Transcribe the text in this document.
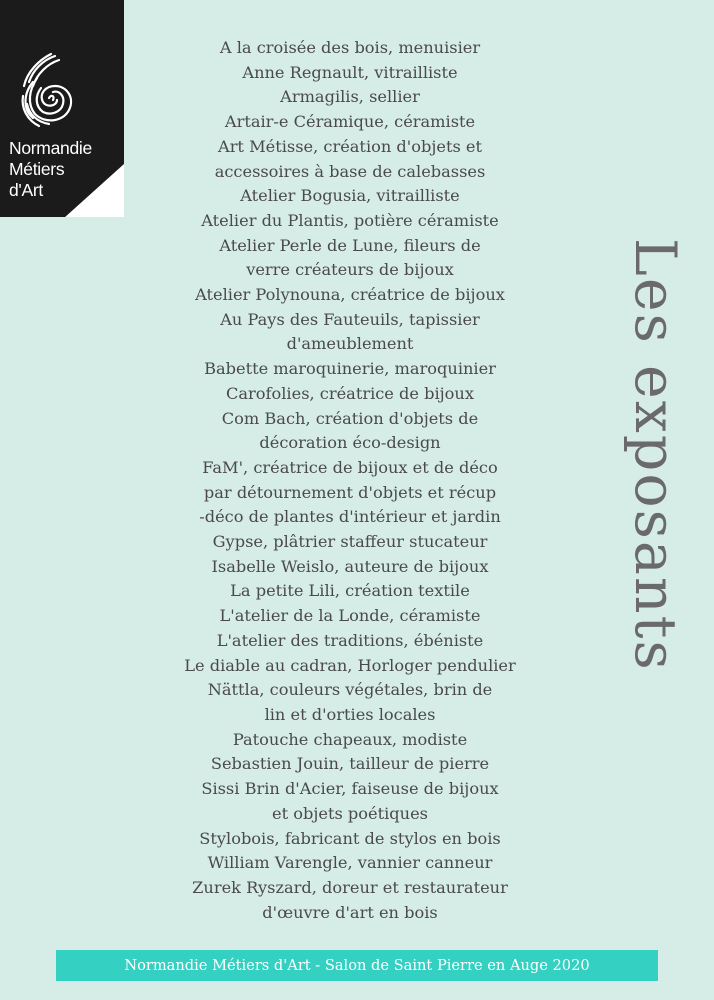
Normandie
Métiers
d'Art
A la croisée des bois, menuisier
Anne Regnault, vitrailliste
Armagilis, sellier
Artair-e Céramique, céramiste
Art Métisse, création d'objets et
accessoires à base de calebasses
Atelier Bogusia, vitrailliste
Atelier du Plantis, potière céramiste
Atelier Perle de Lune, fileurs de
verre créateurs de bijoux
Atelier Polynouna, créatrice de bijoux
Au Pays des Fauteuils, tapissier
d'ameublement
Babette maroquinerie, maroquinier
Carofolies, créatrice de bijoux
Com Bach, création d'objets de
décoration éco-design
FaM', créatrice de bijoux et de déco
par détournement d'objets et récup
-déco de plantes d'intérieur et jardin
Gypse, plâtrier staffeur stucateur
Isabelle Weislo, auteure de bijoux
La petite Lili, création textile
L'atelier de la Londe, céramiste
L'atelier des traditions, ébéniste
Le diable au cadran, Horloger pendulier
Nättla, couleurs végétales, brin de
lin et d'orties locales
Patouche chapeaux, modiste
Sebastien Jouin, tailleur de pierre
Sissi Brin d'Acier, faiseuse de bijoux
et objets poétiques
Stylobois, fabricant de stylos en bois
William Varengle, vannier canneur
Zurek Ryszard, doreur et restaurateur
d'œuvre d'art en bois
Les exposants
Normandie Métiers d'Art - Salon de Saint Pierre en Auge 2020
